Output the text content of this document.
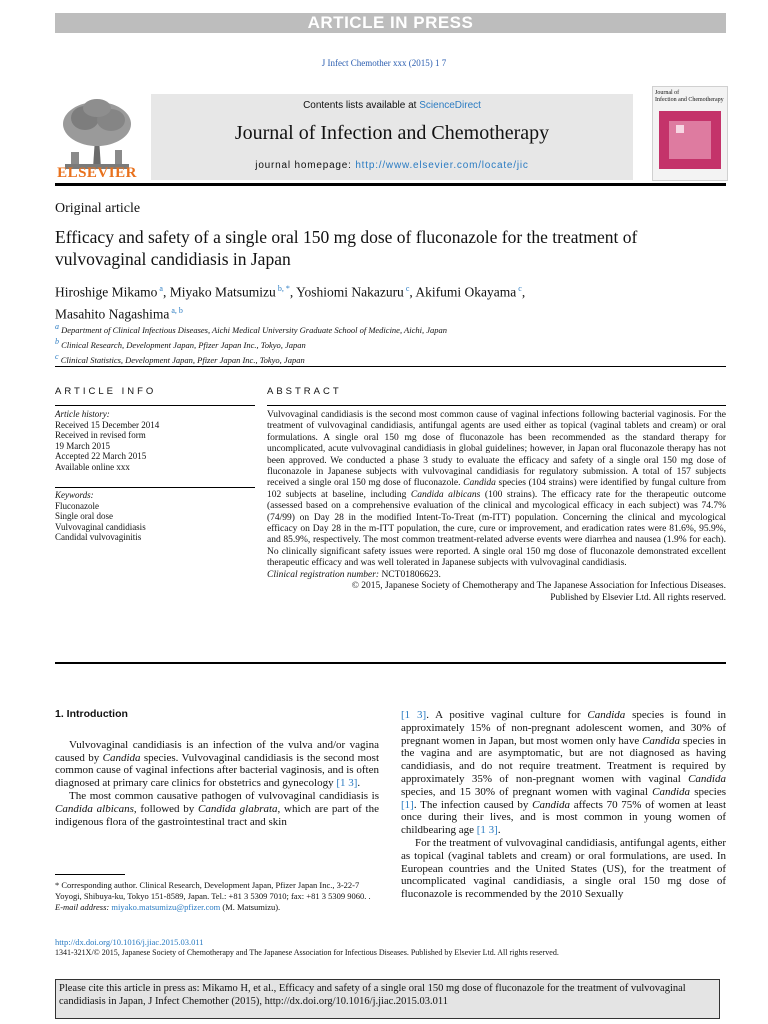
ARTICLE IN PRESS
J Infect Chemother xxx (2015) 1 7
ELSEVIER
Contents lists available at ScienceDirect
Journal of Infection and Chemotherapy
journal homepage: http://www.elsevier.com/locate/jic
Journal of
Infection and Chemotherapy
Original article
Efficacy and safety of a single oral 150 mg dose of fluconazole for the treatment of vulvovaginal candidiasis in Japan
Hiroshige Mikamo $^a$, Miyako Matsumizu $^{b, *}$, Yoshiomi Nakazuru $^c$, Akifumi Okayama $^c$,
Masahito Nagashima $^{a, b}$
$^a$ Department of Clinical Infectious Diseases, Aichi Medical University Graduate School of Medicine, Aichi, Japan
$^b$ Clinical Research, Development Japan, Pfizer Japan Inc., Tokyo, Japan
$^c$ Clinical Statistics, Development Japan, Pfizer Japan Inc., Tokyo, Japan
ARTICLE INFO
Article history:
Received 15 December 2014
Received in revised form
19 March 2015
Accepted 22 March 2015
Available online xxx
Keywords:
Fluconazole
Single oral dose
Vulvovaginal candidiasis
Candidal vulvovaginitis
ABSTRACT
Vulvovaginal candidiasis is the second most common cause of vaginal infections following bacterial vaginosis. For the treatment of vulvovaginal candidiasis, antifungal agents are used either as topical (vaginal tablets and cream) or oral formulations. A single oral 150 mg dose of fluconazole has been recommended as the standard therapy for uncomplicated, acute vulvovaginal candidiasis in global guidelines; however, in Japan oral fluconazole therapy has not been approved. We conducted a phase 3 study to evaluate the efficacy and safety of a single oral 150 mg dose of fluconazole in Japanese subjects with vulvovaginal candidiasis for regulatory submission. A total of 157 subjects received a single oral 150 mg dose of fluconazole. Candida species (104 strains) were identified by fungal culture from 102 subjects at baseline, including Candida albicans (100 strains). The efficacy rate for the therapeutic outcome (assessed based on a comprehensive evaluation of the clinical and mycological efficacy in each subject) was 74.7% (74/99) on Day 28 in the modified Intent-To-Treat (m-ITT) population. Concerning the clinical and mycological efficacy on Day 28 in the m-ITT population, the cure, cure or improvement, and eradication rates were 81.6%, 95.9%, and 85.9%, respectively. The most common treatment-related adverse events were diarrhea and nausea (1.9% for each). No clinically significant safety issues were reported. A single oral 150 mg dose of fluconazole demonstrated excellent therapeutic efficacy and was well tolerated in Japanese subjects with vulvovaginal candidiasis.
Clinical registration number: NCT01806623.
© 2015, Japanese Society of Chemotherapy and The Japanese Association for Infectious Diseases.
Published by Elsevier Ltd. All rights reserved.
1. Introduction

Vulvovaginal candidiasis is an infection of the vulva and/or vagina caused by Candida species. Vulvovaginal candidiasis is the second most common cause of vaginal infections after bacterial vaginosis, and is often diagnosed at primary care clinics for obstetrics and gynecology [1 3].

The most common causative pathogen of vulvovaginal candidiasis is Candida albicans, followed by Candida glabrata, which are part of the indigenous flora of the gastrointestinal tract and skin

[1 3]. A positive vaginal culture for Candida species is found in approximately 15% of non-pregnant adolescent women, and 30% of pregnant women in Japan, but most women only have Candida species in the vagina and are asymptomatic, but are not diagnosed as having candidiasis, and do not require treatment. Treatment is required by approximately 35% of non-pregnant women with vaginal Candida species, and 15 30% of pregnant women with vaginal Candida species [1]. The infection caused by Candida affects 70 75% of women at least once during their lives, and is most common in young women of childbearing age [1 3].

For the treatment of vulvovaginal candidiasis, antifungal agents, either as topical (vaginal tablets and cream) or oral formulations, are used. In European countries and the United States (US), for the treatment of uncomplicated vaginal candidiasis, a single oral 150 mg dose of fluconazole is recommended by the 2010 Sexually

* Corresponding author. Clinical Research, Development Japan, Pfizer Japan Inc., 3-22-7 Yoyogi, Shibuya-ku, Tokyo 151-8589, Japan. Tel.: +81 3 5309 7010; fax: +81 3 5309 9060. .
E-mail address: miyako.matsumizu@pfizer.com (M. Matsumizu).
http://dx.doi.org/10.1016/j.jiac.2015.03.011
1341-321X/© 2015, Japanese Society of Chemotherapy and The Japanese Association for Infectious Diseases. Published by Elsevier Ltd. All rights reserved.
Please cite this article in press as: Mikamo H, et al., Efficacy and safety of a single oral 150 mg dose of fluconazole for the treatment of vulvovaginal candidiasis in Japan, J Infect Chemother (2015), http://dx.doi.org/10.1016/j.jiac.2015.03.011
